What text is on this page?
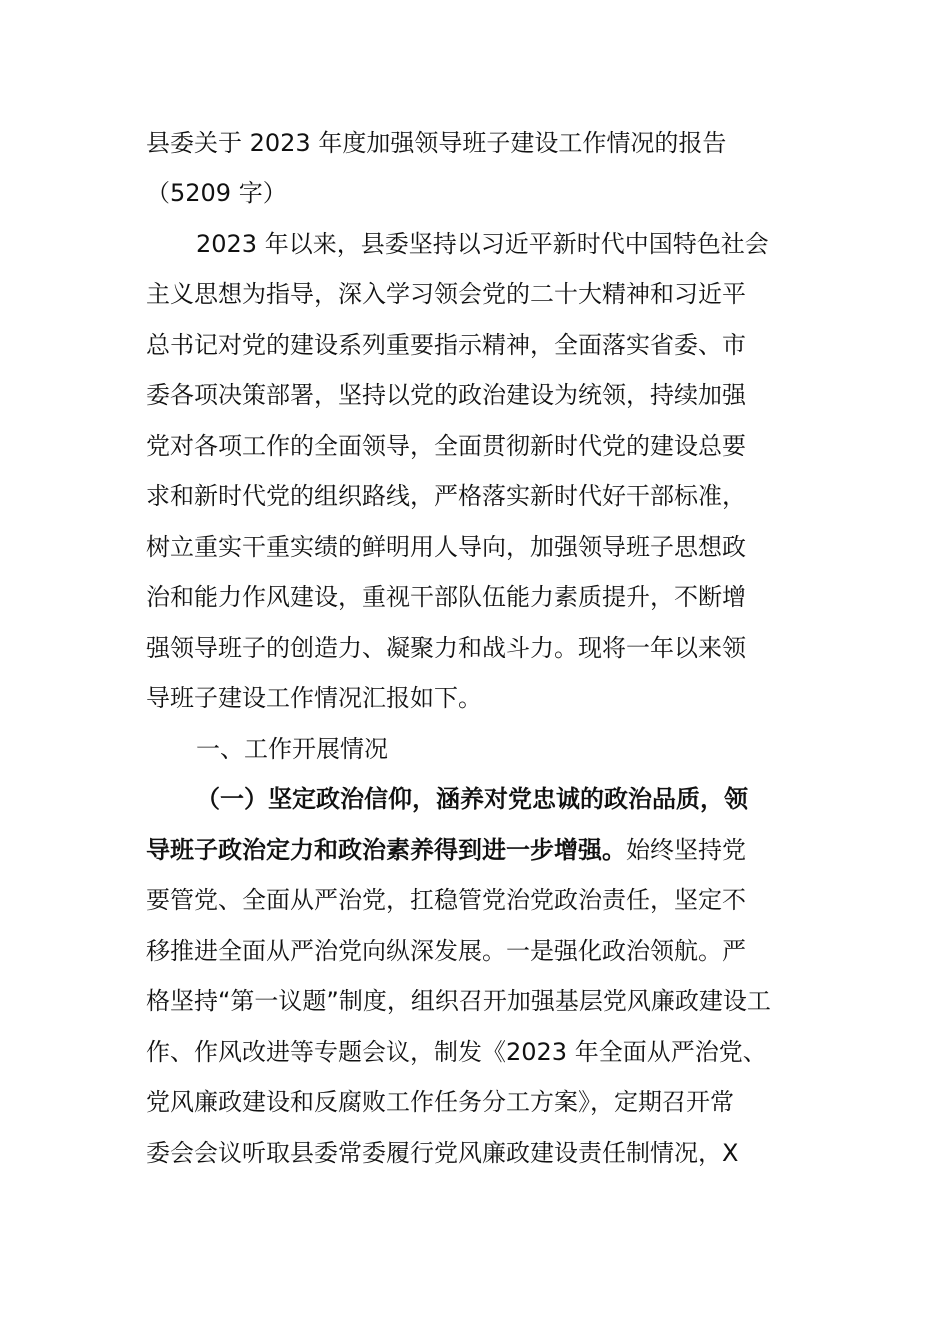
县委关于 2023 年度加强领导班子建设工作情况的报告
（5209 字）
2023 年以来，县委坚持以习近平新时代中国特色社会
主义思想为指导，深入学习领会党的二十大精神和习近平
总书记对党的建设系列重要指示精神，全面落实省委、市
委各项决策部署，坚持以党的政治建设为统领，持续加强
党对各项工作的全面领导，全面贯彻新时代党的建设总要
求和新时代党的组织路线，严格落实新时代好干部标准，
树立重实干重实绩的鲜明用人导向，加强领导班子思想政
治和能力作风建设，重视干部队伍能力素质提升，不断增
强领导班子的创造力、凝聚力和战斗力。现将一年以来领
导班子建设工作情况汇报如下。
一、工作开展情况
（一）坚定政治信仰，涵养对党忠诚的政治品质，领
导班子政治定力和政治素养得到进一步增强。始终坚持党
要管党、全面从严治党，扛稳管党治党政治责任，坚定不
移推进全面从严治党向纵深发展。一是强化政治领航。严
格坚持“第一议题”制度，组织召开加强基层党风廉政建设工
作、作风改进等专题会议，制发《2023 年全面从严治党、
党风廉政建设和反腐败工作任务分工方案》，定期召开常
委会会议听取县委常委履行党风廉政建设责任制情况，X
